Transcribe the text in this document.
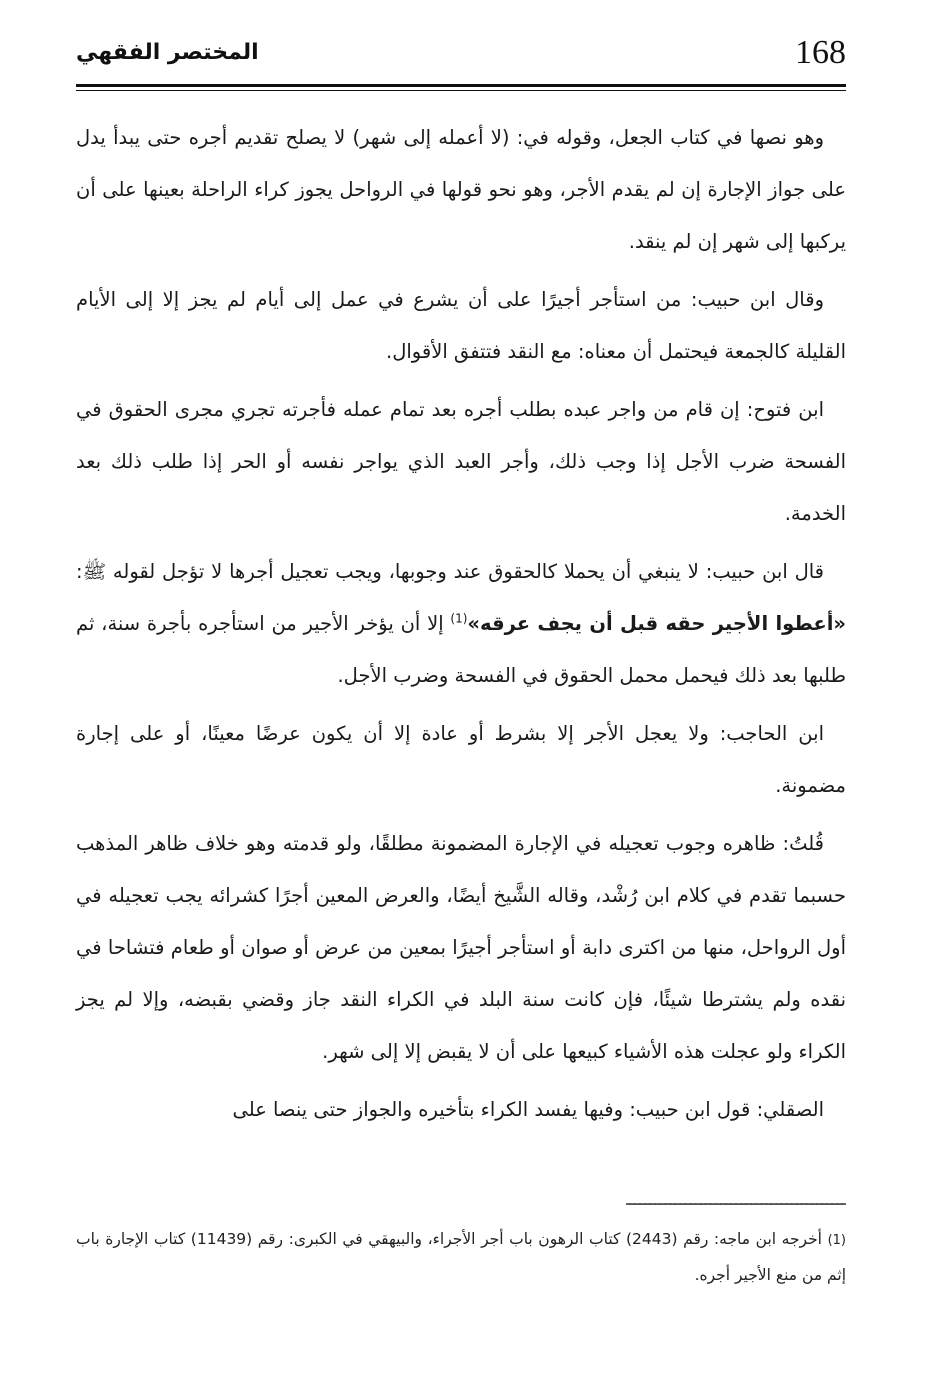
168
المختصر الفقهي

وهو نصها في كتاب الجعل، وقوله في: (لا أعمله إلى شهر) لا يصلح تقديم أجره حتى يبدأ يدل على جواز الإجارة إن لم يقدم الأجر، وهو نحو قولها في الرواحل يجوز كراء الراحلة بعينها على أن يركبها إلى شهر إن لم ينقد.

وقال ابن حبيب: من استأجر أجيرًا على أن يشرع في عمل إلى أيام لم يجز إلا إلى الأيام القليلة كالجمعة فيحتمل أن معناه: مع النقد فتتفق الأقوال.

ابن فتوح: إن قام من واجر عبده بطلب أجره بعد تمام عمله فأجرته تجري مجرى الحقوق في الفسحة ضرب الأجل إذا وجب ذلك، وأجر العبد الذي يواجر نفسه أو الحر إذا طلب ذلك بعد الخدمة.

قال ابن حبيب: لا ينبغي أن يحملا كالحقوق عند وجوبها، ويجب تعجيل أجرها لا تؤجل لقوله ﷺ: «أعطوا الأجير حقه قبل أن يجف عرقه»$^{(1)}$ إلا أن يؤخر الأجير من استأجره بأجرة سنة، ثم طلبها بعد ذلك فيحمل محمل الحقوق في الفسحة وضرب الأجل.

ابن الحاجب: ولا يعجل الأجر إلا بشرط أو عادة إلا أن يكون عرضًا معينًا، أو على إجارة مضمونة.

قُلتُ: ظاهره وجوب تعجيله في الإجارة المضمونة مطلقًا، ولو قدمته وهو خلاف ظاهر المذهب حسبما تقدم في كلام ابن رُشْد، وقاله الشَّيخ أيضًا، والعرض المعين أجرًا كشرائه يجب تعجيله في أول الرواحل، منها من اكترى دابة أو استأجر أجيرًا بمعين من عرض أو صوان أو طعام فتشاحا في نقده ولم يشترطا شيئًا، فإن كانت سنة البلد في الكراء النقد جاز وقضي بقبضه، وإلا لم يجز الكراء ولو عجلت هذه الأشياء كبيعها على أن لا يقبض إلا إلى شهر.

الصقلي: قول ابن حبيب: وفيها يفسد الكراء بتأخيره والجواز حتى ينصا على

(1) أخرجه ابن ماجه: رقم (2443) كتاب الرهون باب أجر الأجراء، والبيهقي في الكبرى: رقم (11439) كتاب الإجارة باب إثم من منع الأجير أجره.
